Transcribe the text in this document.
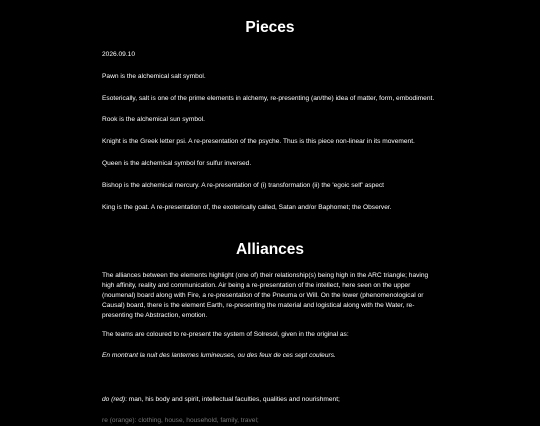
Pieces

2026.09.10

Pawn is the alchemical salt symbol.

Esoterically, salt is one of the prime elements in alchemy, re-presenting (an/the) idea of matter, form, embodiment.

Rook is the alchemical sun symbol.

Knight is the Greek letter psi. A re-presentation of the psyche. Thus is this piece non-linear in its movement.

Queen is the alchemical symbol for sulfur inversed.

Bishop is the alchemical mercury. A re-presentation of (i) transformation (ii) the 'egoic self' aspect

King is the goat. A re-presentation of, the exoterically called, Satan and/or Baphomet; the Observer.

Alliances

The alliances between the elements highlight (one of) their relationship(s) being high in the ARC triangle; having high affinity, reality and communication. Air being a re-presentation of the intellect, here seen on the upper (noumenal) board along with Fire, a re-presentation of the Pneuma or Will. On the lower (phenomenological or Causal) board, there is the element Earth, re-presenting the material and logistical along with the Water, re-presenting the Abstraction, emotion.

The teams are coloured to re-present the system of Solresol, given in the original as:

En montrant la nuit des lanternes lumineuses, ou des feux de ces sept couleurs.

do (red): man, his body and spirit, intellectual faculties, qualities and nourishment;

re (orange): clothing, house, household, family, travel;
